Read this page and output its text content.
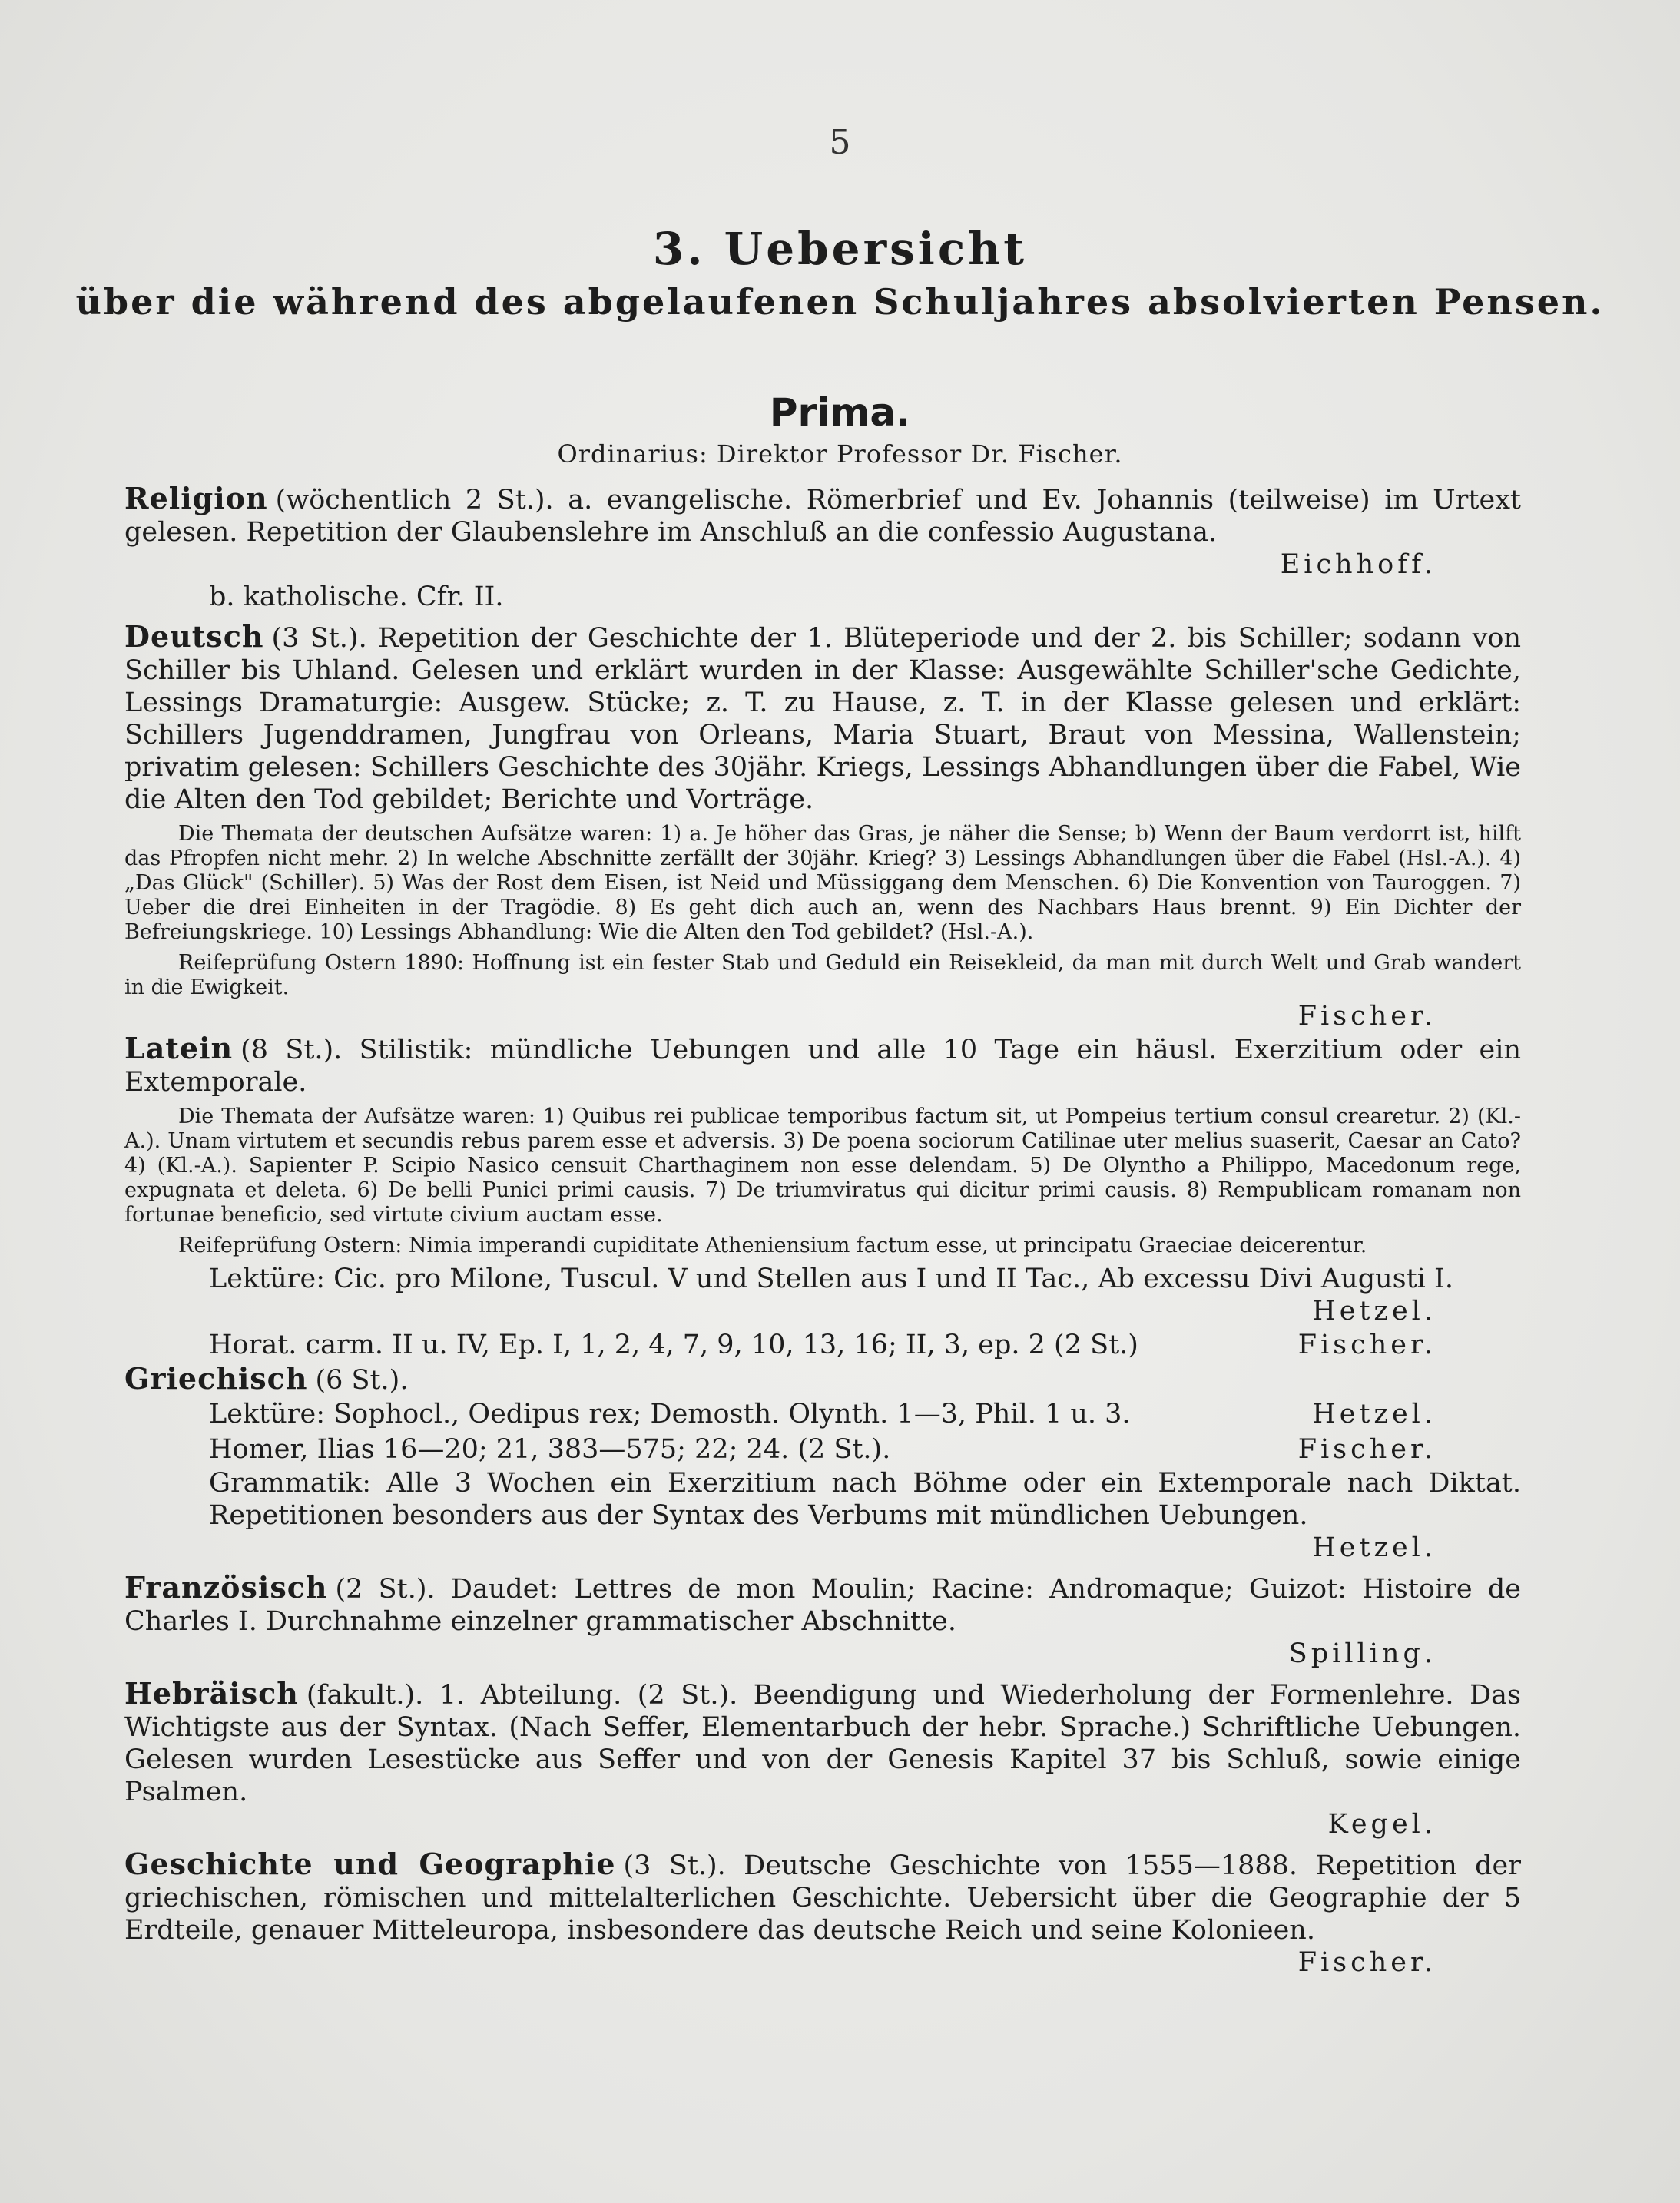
5
3. Uebersicht
über die während des abgelaufenen Schuljahres absolvierten Pensen.
Prima.
Ordinarius: Direktor Professor Dr. Fischer.

Religion (wöchentlich 2 St.). a. evangelische. Römerbrief und Ev. Johannis (teilweise) im Urtext gelesen. Repetition der Glaubenslehre im Anschluß an die confessio Augustana.

Eichhoff.
b. katholische. Cfr. II.

Deutsch (3 St.). Repetition der Geschichte der 1. Blüteperiode und der 2. bis Schiller; sodann von Schiller bis Uhland. Gelesen und erklärt wurden in der Klasse: Ausgewählte Schiller'sche Gedichte, Lessings Dramaturgie: Ausgew. Stücke; z. T. zu Hause, z. T. in der Klasse gelesen und erklärt: Schillers Jugenddramen, Jungfrau von Orleans, Maria Stuart, Braut von Messina, Wallenstein; privatim gelesen: Schillers Geschichte des 30jähr. Kriegs, Lessings Abhandlungen über die Fabel, Wie die Alten den Tod gebildet; Berichte und Vorträge.

Die Themata der deutschen Aufsätze waren: 1) a. Je höher das Gras, je näher die Sense; b) Wenn der Baum verdorrt ist, hilft das Pfropfen nicht mehr. 2) In welche Abschnitte zerfällt der 30jähr. Krieg? 3) Lessings Abhandlungen über die Fabel (Hsl.-A.). 4) „Das Glück" (Schiller). 5) Was der Rost dem Eisen, ist Neid und Müssiggang dem Menschen. 6) Die Konvention von Tauroggen. 7) Ueber die drei Einheiten in der Tragödie. 8) Es geht dich auch an, wenn des Nachbars Haus brennt. 9) Ein Dichter der Befreiungskriege. 10) Lessings Abhandlung: Wie die Alten den Tod gebildet? (Hsl.-A.).

Reifeprüfung Ostern 1890: Hoffnung ist ein fester Stab und Geduld ein Reisekleid, da man mit durch Welt und Grab wandert in die Ewigkeit.

Fischer.

Latein (8 St.). Stilistik: mündliche Uebungen und alle 10 Tage ein häusl. Exerzitium oder ein Extemporale.

Die Themata der Aufsätze waren: 1) Quibus rei publicae temporibus factum sit, ut Pompeius tertium consul crearetur. 2) (Kl.-A.). Unam virtutem et secundis rebus parem esse et adversis. 3) De poena sociorum Catilinae uter melius suaserit, Caesar an Cato? 4) (Kl.-A.). Sapienter P. Scipio Nasico censuit Charthaginem non esse delendam. 5) De Olyntho a Philippo, Macedonum rege, expugnata et deleta. 6) De belli Punici primi causis. 7) De triumviratus qui dicitur primi causis. 8) Rempublicam romanam non fortunae beneficio, sed virtute civium auctam esse.

Reifeprüfung Ostern: Nimia imperandi cupiditate Atheniensium factum esse, ut principatu Graeciae deicerentur.

Lektüre: Cic. pro Milone, Tuscul. V und Stellen aus I und II Tac., Ab excessu Divi Augusti I.

Hetzel.
Horat. carm. II u. IV, Ep. I, 1, 2, 4, 7, 9, 10, 13, 16; II, 3, ep. 2 (2 St.)	Fischer.

Griechisch (6 St.).

Lektüre: Sophocl., Oedipus rex; Demosth. Olynth. 1—3, Phil. 1 u. 3.	Hetzel.
Homer, Ilias 16—20; 21, 383—575; 22; 24. (2 St.).	Fischer.

Grammatik: Alle 3 Wochen ein Exerzitium nach Böhme oder ein Extemporale nach Diktat. Repetitionen besonders aus der Syntax des Verbums mit mündlichen Uebungen.

Hetzel.

Französisch (2 St.). Daudet: Lettres de mon Moulin; Racine: Andromaque; Guizot: Histoire de Charles I. Durchnahme einzelner grammatischer Abschnitte.

Spilling.

Hebräisch (fakult.). 1. Abteilung. (2 St.). Beendigung und Wiederholung der Formenlehre. Das Wichtigste aus der Syntax. (Nach Seffer, Elementarbuch der hebr. Sprache.) Schriftliche Uebungen. Gelesen wurden Lesestücke aus Seffer und von der Genesis Kapitel 37 bis Schluß, sowie einige Psalmen.

Kegel.

Geschichte und Geographie (3 St.). Deutsche Geschichte von 1555—1888. Repetition der griechischen, römischen und mittelalterlichen Geschichte. Uebersicht über die Geographie der 5 Erdteile, genauer Mitteleuropa, insbesondere das deutsche Reich und seine Kolonieen.

Fischer.
